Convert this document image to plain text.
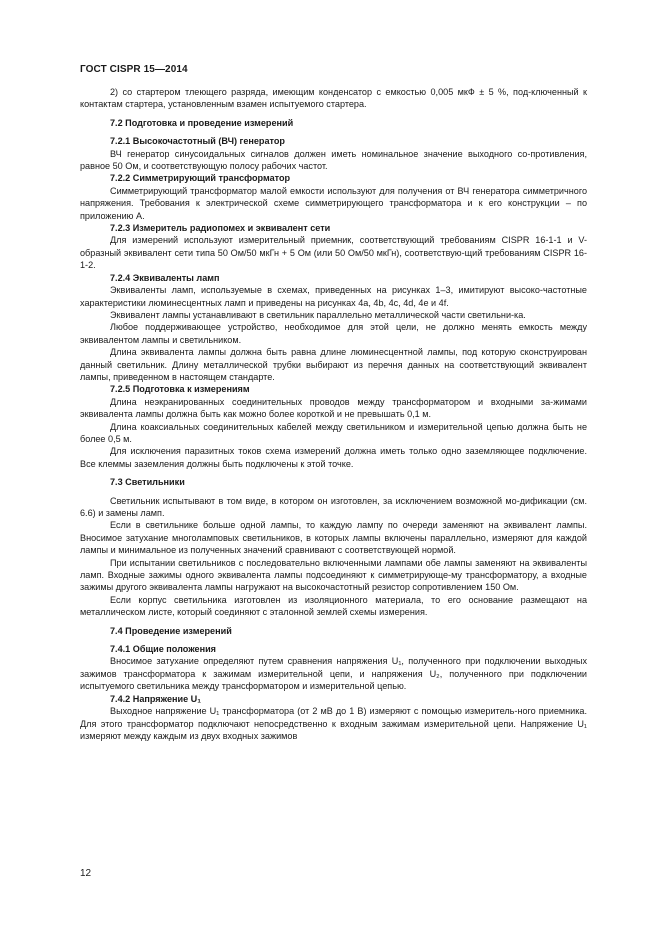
ГОСТ CISPR 15—2014

2) со стартером тлеющего разряда, имеющим конденсатор с емкостью 0,005 мкФ ± 5 %, под-ключенный к контактам стартера, установленным взамен испытуемого стартера.

7.2 Подготовка и проведение измерений

7.2.1 Высокочастотный (ВЧ) генератор

ВЧ генератор синусоидальных сигналов должен иметь номинальное значение выходного со-противления, равное 50 Ом, и соответствующую полосу рабочих частот.

7.2.2 Симметрирующий трансформатор

Симметрирующий трансформатор малой емкости используют для получения от ВЧ генератора симметричного напряжения. Требования к электрической схеме симметрирующего трансформатора и к его конструкции – по приложению А.

7.2.3 Измеритель радиопомех и эквивалент сети

Для измерений используют измерительный приемник, соответствующий требованиям CISPR 16-1-1 и V-образный эквивалент сети типа 50 Ом/50 мкГн + 5 Ом (или 50 Ом/50 мкГн), соответствую-щий требованиям CISPR 16-1-2.

7.2.4 Эквиваленты ламп

Эквиваленты ламп, используемые в схемах, приведенных на рисунках 1–3, имитируют высоко-частотные характеристики люминесцентных ламп и приведены на рисунках 4а, 4b, 4с, 4d, 4е и 4f.

Эквивалент лампы устанавливают в светильник параллельно металлической части светильни-ка.

Любое поддерживающее устройство, необходимое для этой цели, не должно менять емкость между эквивалентом лампы и светильником.

Длина эквивалента лампы должна быть равна длине люминесцентной лампы, под которую сконструирован данный светильник. Длину металлической трубки выбирают из перечня данных на соответствующий эквивалент лампы, приведенном в настоящем стандарте.

7.2.5 Подготовка к измерениям

Длина неэкранированных соединительных проводов между трансформатором и входными за-жимами эквивалента лампы должна быть как можно более короткой и не превышать 0,1 м.

Длина коаксиальных соединительных кабелей между светильником и измерительной цепью должна быть не более 0,5 м.

Для исключения паразитных токов схема измерений должна иметь только одно заземляющее подключение. Все клеммы заземления должны быть подключены к этой точке.

7.3 Светильники

Светильник испытывают в том виде, в котором он изготовлен, за исключением возможной мо-дификации (см. 6.6) и замены ламп.

Если в светильнике больше одной лампы, то каждую лампу по очереди заменяют на эквивалент лампы. Вносимое затухание многоламповых светильников, в которых лампы включены параллельно, измеряют для каждой лампы и минимальное из полученных значений сравнивают с соответствующей нормой.

При испытании светильников с последовательно включенными лампами обе лампы заменяют на эквиваленты ламп. Входные зажимы одного эквивалента лампы подсоединяют к симметрирующе-му трансформатору, а входные зажимы другого эквивалента лампы нагружают на высокочастотный резистор сопротивлением 150 Ом.

Если корпус светильника изготовлен из изоляционного материала, то его основание размещают на металлическом листе, который соединяют с эталонной землей схемы измерения.

7.4 Проведение измерений

7.4.1 Общие положения

Вносимое затухание определяют путем сравнения напряжения U₁, полученного при подключении выходных зажимов трансформатора к зажимам измерительной цепи, и напряжения U₂, полученного при подключении испытуемого светильника между трансформатором и измерительной цепью.

7.4.2 Напряжение U₁

Выходное напряжение U₁ трансформатора (от 2 мВ до 1 В) измеряют с помощью измеритель-ного приемника. Для этого трансформатор подключают непосредственно к входным зажимам измерительной цепи. Напряжение U₁ измеряют между каждым из двух входных зажимов

12
